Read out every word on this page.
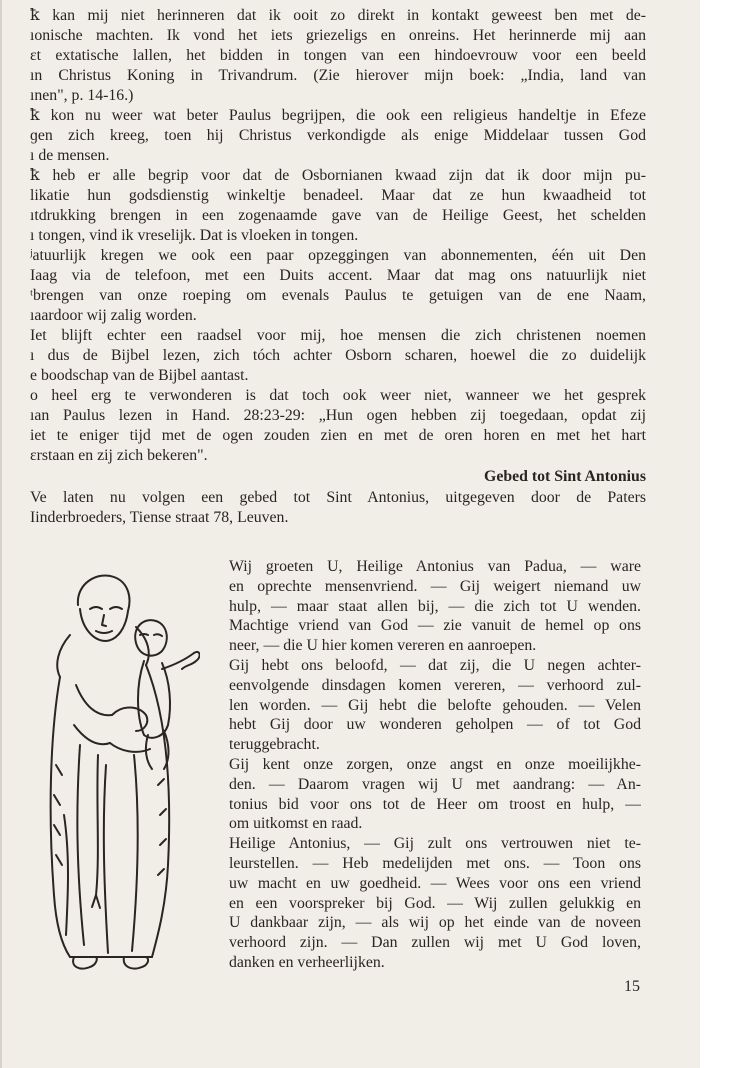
ꝁ kan mij niet herinneren dat ik ooit zo direkt in kontakt geweest ben met de-
ıonische machten. Ik vond het iets griezeligs en onreins. Het herinnerde mij aan
ɛt extatische lallen, het bidden in tongen van een hindoevrouw voor een beeld
ın Christus Koning in Trivandrum. (Zie hierover mijn boek: „India, land van
ınen", p. 14-16.)
ꝁ kon nu weer wat beter Paulus begrijpen, die ook een religieus handeltje in Efeze
ɡen zich kreeg, toen hij Christus verkondigde als enige Middelaar tussen God
ı de mensen.
ꝁ heb er alle begrip voor dat de Osbornianen kwaad zijn dat ik door mijn pu-
likatie hun godsdienstig winkeltje benadeel. Maar dat ze hun kwaadheid tot
ıtdrukking brengen in een zogenaamde gave van de Heilige Geest, het schelden
ı tongen, vind ik vreselijk. Dat is vloeken in tongen.
ʲatuurlijk kregen we ook een paar opzeggingen van abonnementen, één uit Den
Iaag via de telefoon, met een Duits accent. Maar dat mag ons natuurlijk niet
ᵗbrengen van onze roeping om evenals Paulus te getuigen van de ene Naam,
ıaardoor wij zalig worden.
Iet blijft echter een raadsel voor mij, hoe mensen die zich christenen noemen
ı dus de Bijbel lezen, zich tóch achter Osborn scharen, hoewel die zo duidelijk
e boodschap van de Bijbel aantast.
o heel erg te verwonderen is dat toch ook weer niet, wanneer we het gesprek
ıan Paulus lezen in Hand. 28:23-29: „Hun ogen hebben zij toegedaan, opdat zij
iet te eniger tijd met de ogen zouden zien en met de oren horen en met het hart
ɛrstaan en zij zich bekeren".
Gebed tot Sint Antonius
Ve laten nu volgen een gebed tot Sint Antonius, uitgegeven door de Paters
Iinderbroeders, Tiense straat 78, Leuven.
Wij groeten U, Heilige Antonius van Padua, — ware
en oprechte mensenvriend. — Gij weigert niemand uw
hulp, — maar staat allen bij, — die zich tot U wenden.
Machtige vriend van God — zie vanuit de hemel op ons
neer, — die U hier komen vereren en aanroepen.
Gij hebt ons beloofd, — dat zij, die U negen achter-
eenvolgende dinsdagen komen vereren, — verhoord zul-
len worden. — Gij hebt die belofte gehouden. — Velen
hebt Gij door uw wonderen geholpen — of tot God
teruggebracht.
Gij kent onze zorgen, onze angst en onze moeilijkhe-
den. — Daarom vragen wij U met aandrang: — An-
tonius bid voor ons tot de Heer om troost en hulp, —
om uitkomst en raad.
Heilige Antonius, — Gij zult ons vertrouwen niet te-
leurstellen. — Heb medelijden met ons. — Toon ons
uw macht en uw goedheid. — Wees voor ons een vriend
en een voorspreker bij God. — Wij zullen gelukkig en
U dankbaar zijn, — als wij op het einde van de noveen
verhoord zijn. — Dan zullen wij met U God loven,
danken en verheerlijken.
15
